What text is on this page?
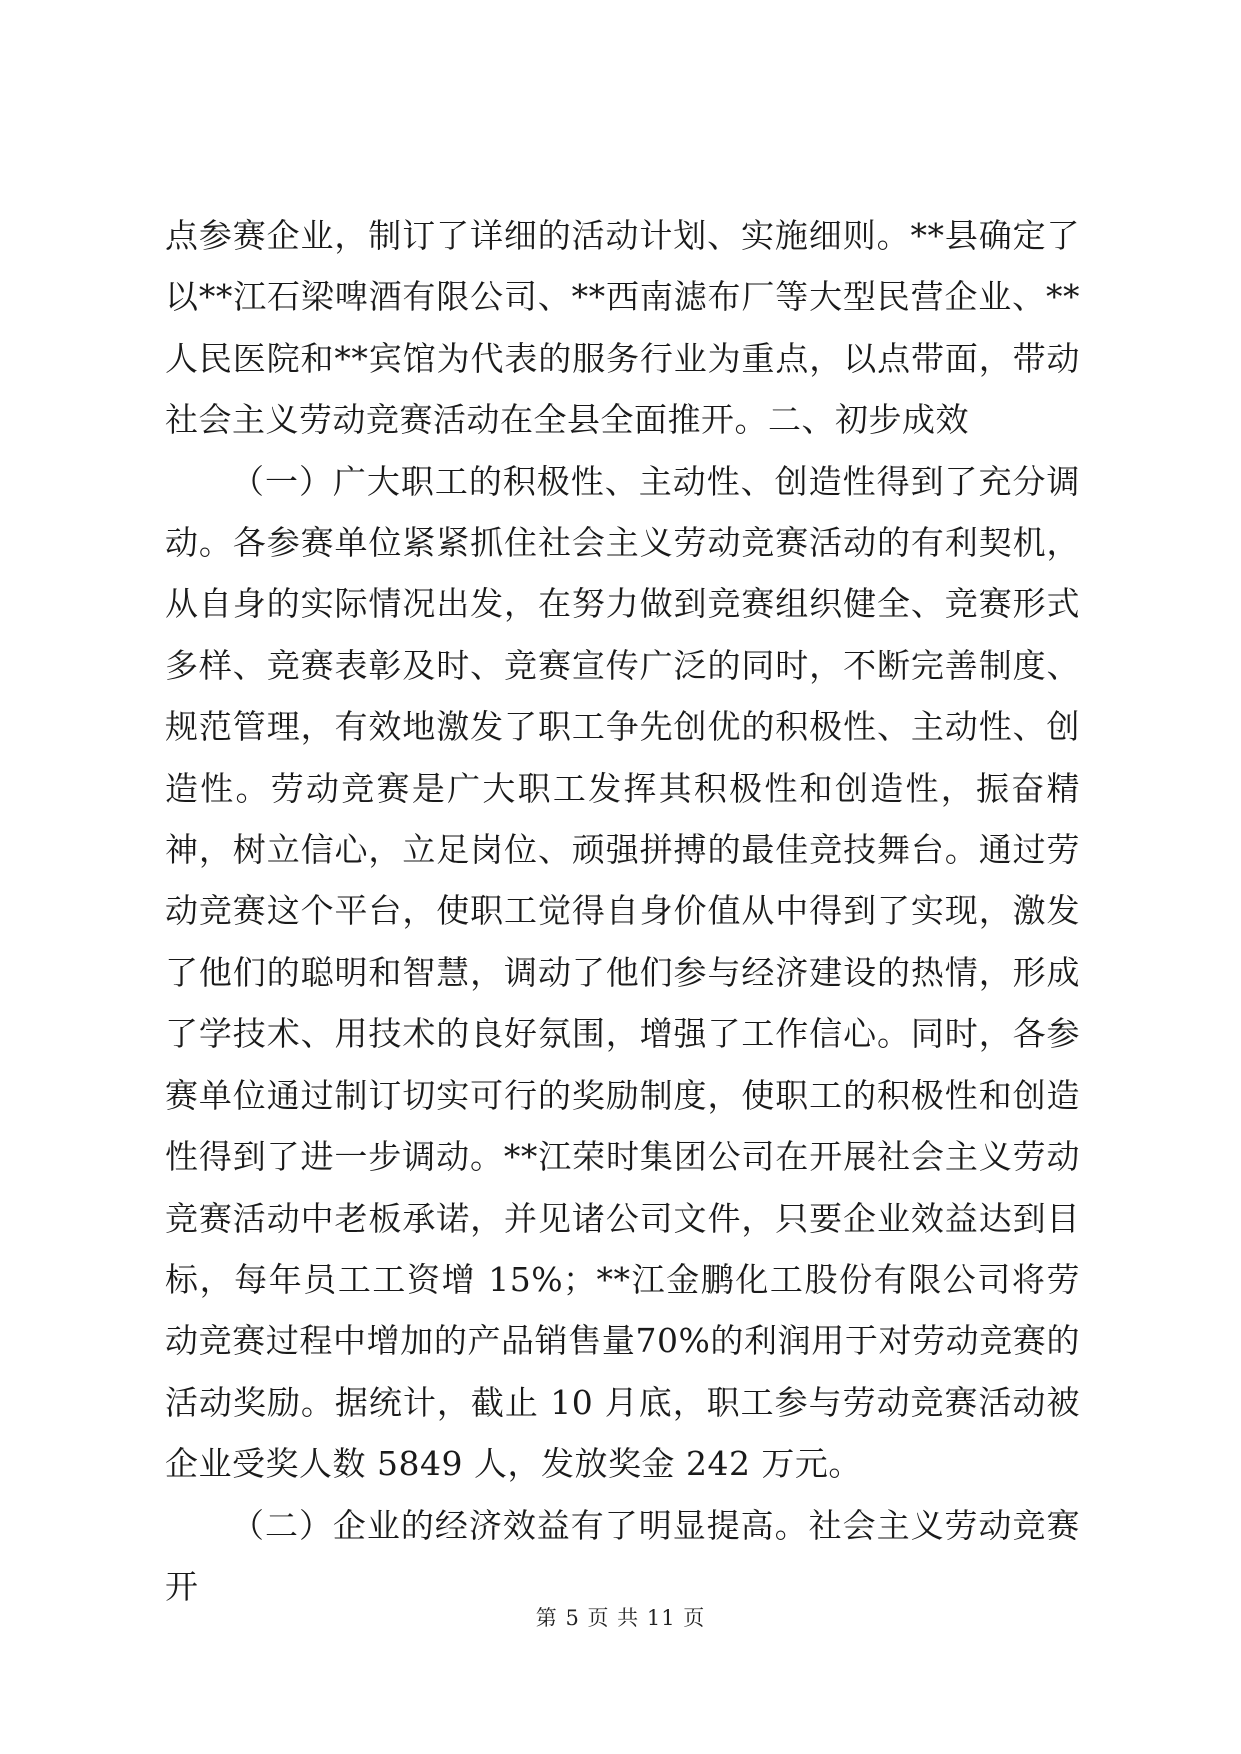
点参赛企业，制订了详细的活动计划、实施细则。**县确定了以**江石梁啤酒有限公司、**西南滤布厂等大型民营企业、**人民医院和**宾馆为代表的服务行业为重点，以点带面，带动社会主义劳动竞赛活动在全县全面推开。二、初步成效

（一）广大职工的积极性、主动性、创造性得到了充分调动。各参赛单位紧紧抓住社会主义劳动竞赛活动的有利契机，从自身的实际情况出发，在努力做到竞赛组织健全、竞赛形式多样、竞赛表彰及时、竞赛宣传广泛的同时，不断完善制度、规范管理，有效地激发了职工争先创优的积极性、主动性、创造性。劳动竞赛是广大职工发挥其积极性和创造性，振奋精神，树立信心，立足岗位、顽强拼搏的最佳竞技舞台。通过劳动竞赛这个平台，使职工觉得自身价值从中得到了实现，激发了他们的聪明和智慧，调动了他们参与经济建设的热情，形成了学技术、用技术的良好氛围，增强了工作信心。同时，各参赛单位通过制订切实可行的奖励制度，使职工的积极性和创造性得到了进一步调动。**江荣时集团公司在开展社会主义劳动竞赛活动中老板承诺，并见诸公司文件，只要企业效益达到目标，每年员工工资增 15%；**江金鹏化工股份有限公司将劳动竞赛过程中增加的产品销售量70%的利润用于对劳动竞赛的活动奖励。据统计，截止 10 月底，职工参与劳动竞赛活动被企业受奖人数 5849 人，发放奖金 242 万元。

（二）企业的经济效益有了明显提高。社会主义劳动竞赛开

第 5 页 共 11 页
